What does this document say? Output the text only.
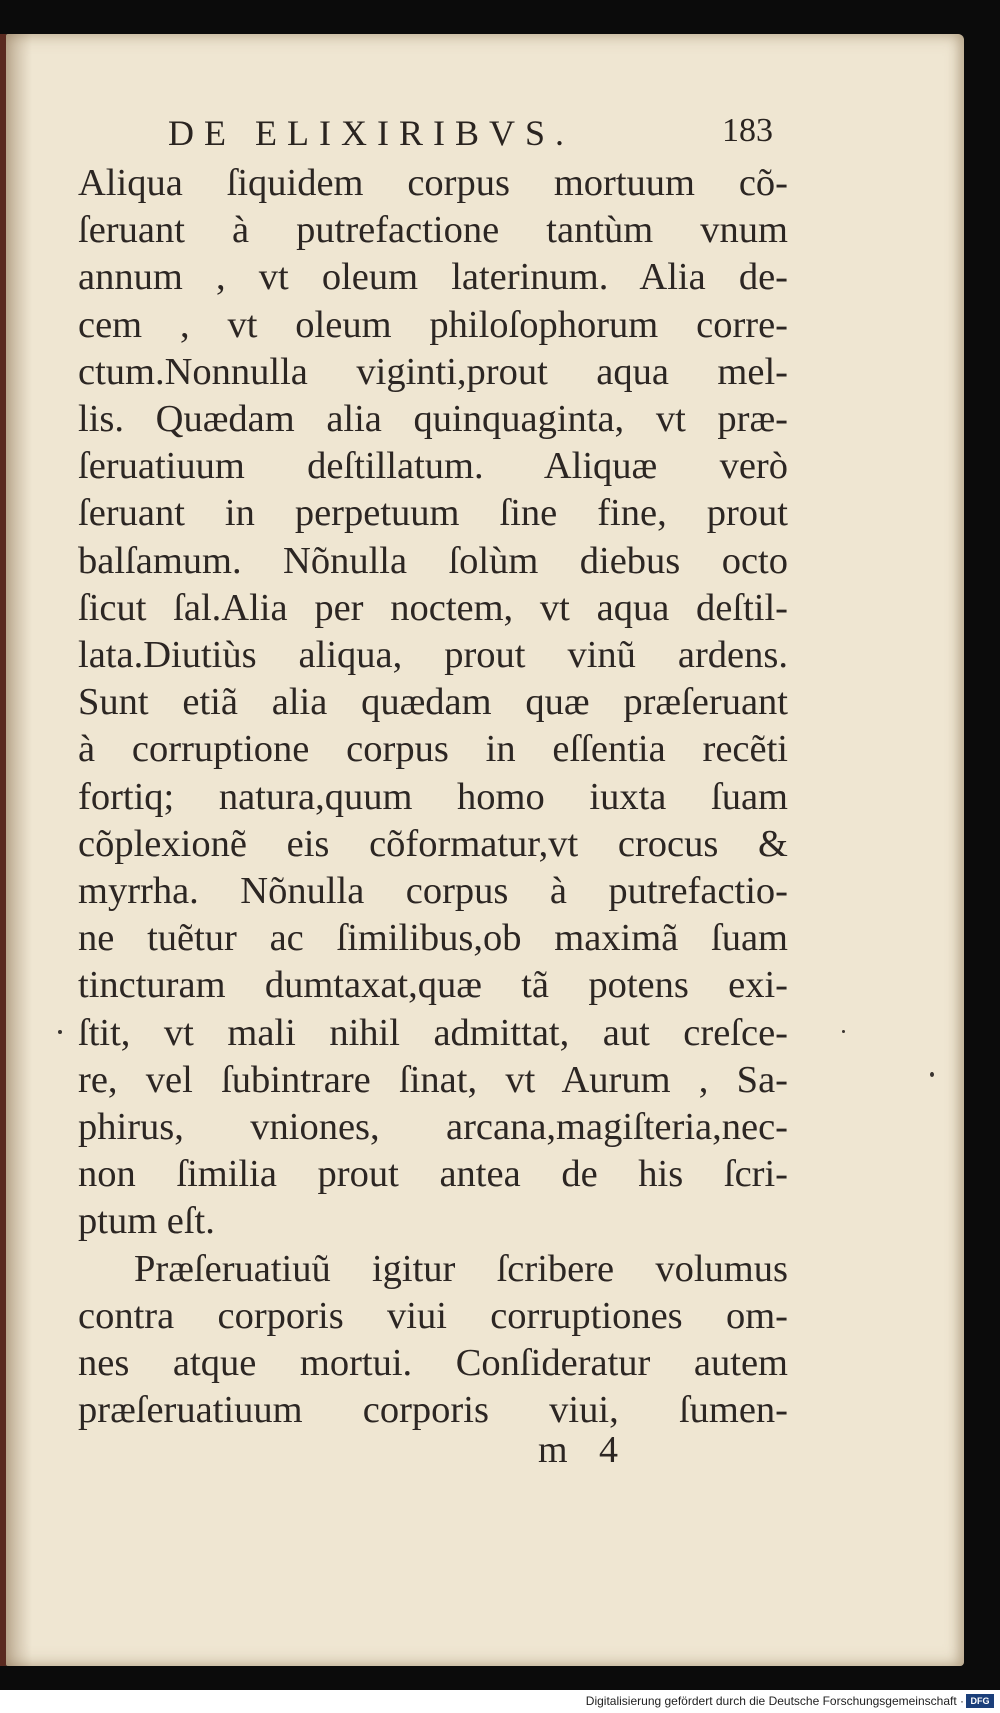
DE ELIXIRIBVS.	183
Aliqua ſiquidem corpus mortuum cõ-
ſeruant à putrefactione tantùm vnum
annum , vt oleum laterinum. Alia de-
cem , vt oleum philoſophorum corre-
ctum.Nonnulla viginti,prout aqua mel-
lis. Quædam alia quinquaginta, vt præ-
ſeruatiuum deſtillatum. Aliquæ verò
ſeruant in perpetuum ſine fine, prout
balſamum. Nõnulla ſolùm diebus octo
ſicut ſal.Alia per noctem, vt aqua deſtil-
lata.Diutiùs aliqua, prout vinũ ardens.
Sunt etiã alia quædam quæ præſeruant
à corruptione corpus in eſſentia recẽti
fortiq; natura,quum homo iuxta ſuam
cõplexionẽ eis cõformatur,vt crocus &
myrrha. Nõnulla corpus à putrefactio-
ne tuẽtur ac ſimilibus,ob maximã ſuam
tincturam dumtaxat,quæ tã potens exi-
ſtit, vt mali nihil admittat, aut creſce-
re, vel ſubintrare ſinat, vt Aurum , Sa-
phirus, vniones, arcana,magiſteria,nec-
non ſimilia prout antea de his ſcri-
ptum eſt.
Præſeruatiuũ igitur ſcribere volumus
contra corporis viui corruptiones om-
nes atque mortui. Conſideratur autem
præſeruatiuum corporis viui, ſumen-
m 4
Digitalisierung gefördert durch die Deutsche Forschungsgemeinschaft · DFG
